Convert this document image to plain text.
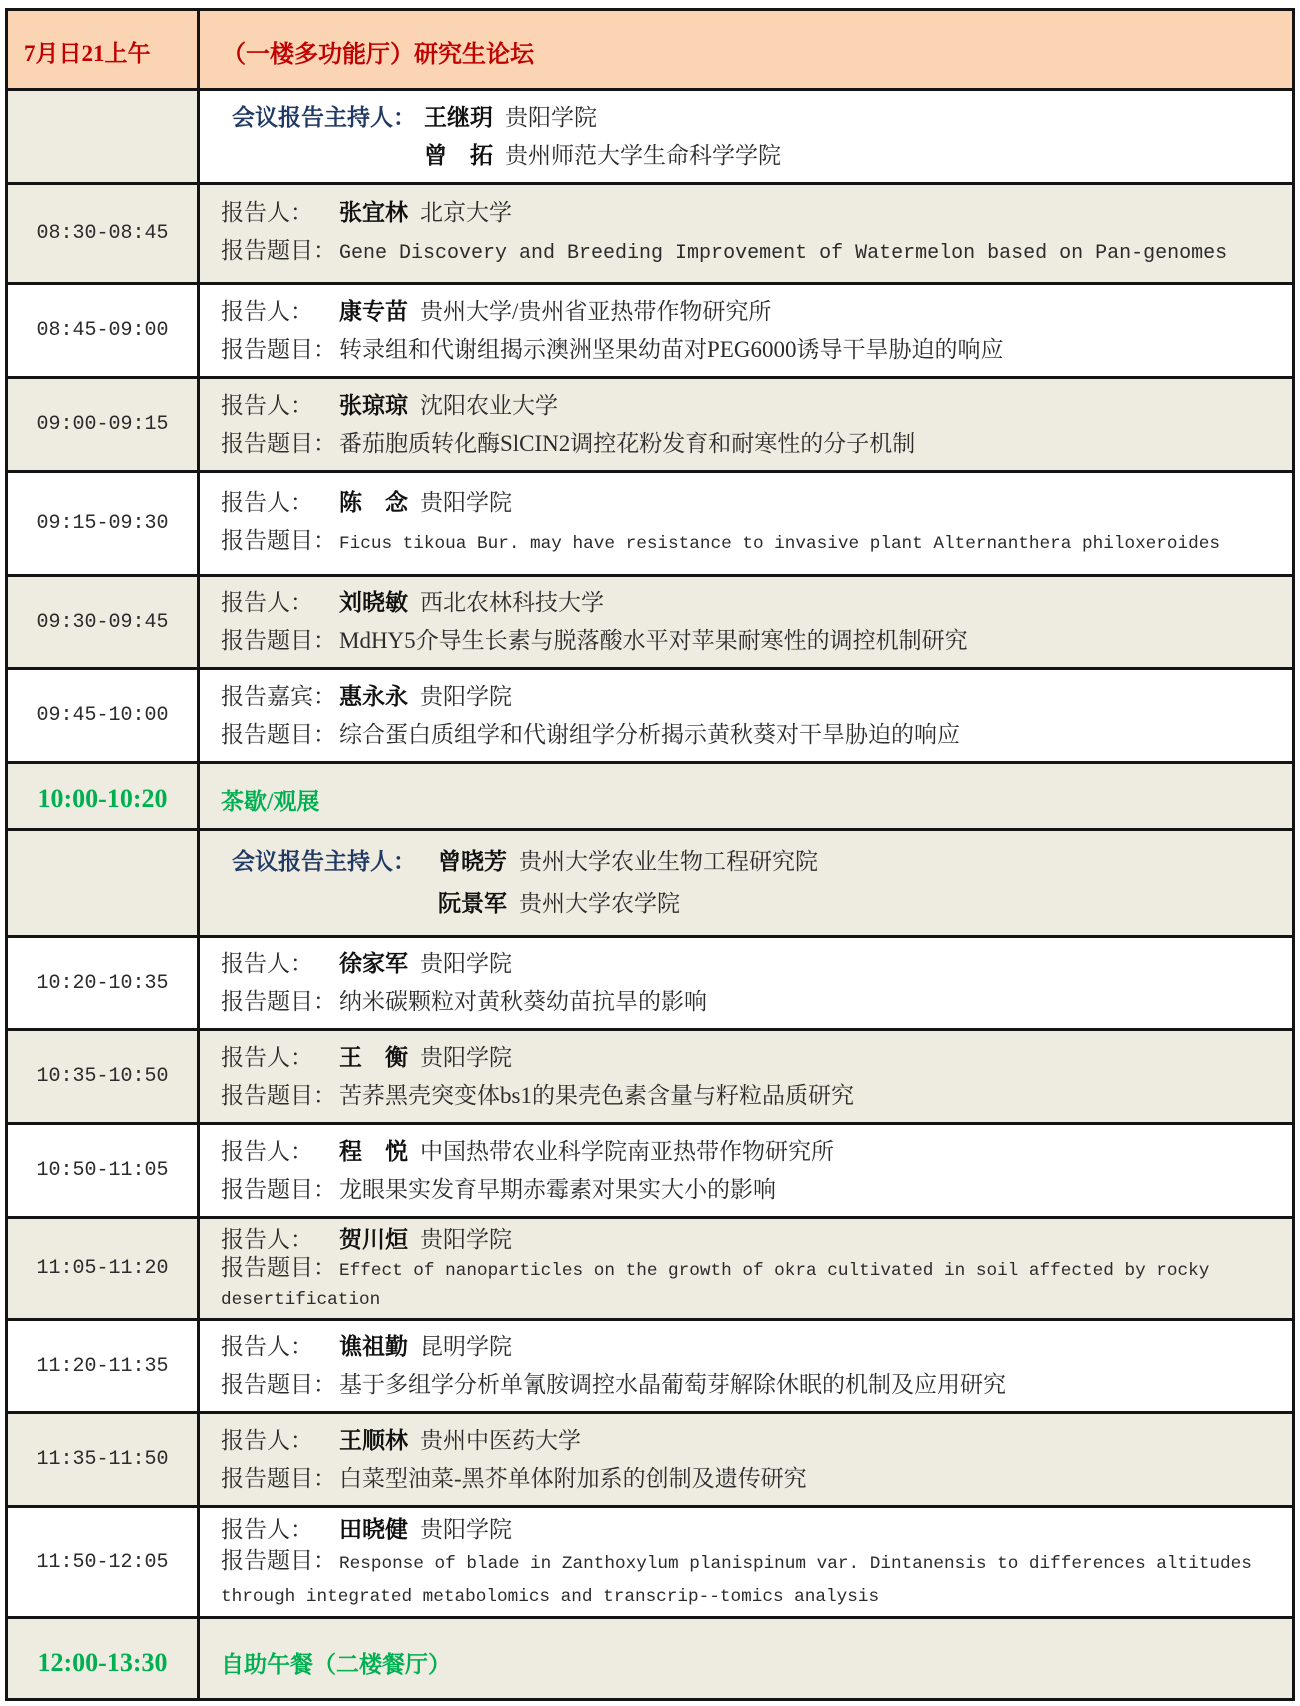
7月日21上午	（一楼多功能厅）研究生论坛
会议报告主持人： 王继玥 贵阳学院
曾　拓 贵州师范大学生命科学学院
08:30-08:45
报告人： 张宜林 北京大学
报告题目： Gene Discovery and Breeding Improvement of Watermelon based on Pan-genomes
08:45-09:00
报告人： 康专苗 贵州大学/贵州省亚热带作物研究所
报告题目： 转录组和代谢组揭示澳洲坚果幼苗对PEG6000诱导干旱胁迫的响应
09:00-09:15
报告人： 张琼琼 沈阳农业大学
报告题目： 番茄胞质转化酶SlCIN2调控花粉发育和耐寒性的分子机制
09:15-09:30
报告人： 陈　念 贵阳学院
报告题目： Ficus tikoua Bur. may have resistance to invasive plant Alternanthera philoxeroides
09:30-09:45
报告人： 刘晓敏 西北农林科技大学
报告题目： MdHY5介导生长素与脱落酸水平对苹果耐寒性的调控机制研究
09:45-10:00
报告嘉宾： 惠永永 贵阳学院
报告题目： 综合蛋白质组学和代谢组学分析揭示黄秋葵对干旱胁迫的响应
10:00-10:20 茶歇/观展
会议报告主持人： 曾晓芳 贵州大学农业生物工程研究院
阮景军 贵州大学农学院
10:20-10:35
报告人： 徐家军 贵阳学院
报告题目： 纳米碳颗粒对黄秋葵幼苗抗旱的影响
10:35-10:50
报告人： 王　衡 贵阳学院
报告题目： 苦荞黑壳突变体bs1的果壳色素含量与籽粒品质研究
10:50-11:05
报告人： 程　悦 中国热带农业科学院南亚热带作物研究所
报告题目： 龙眼果实发育早期赤霉素对果实大小的影响
11:05-11:20
报告人： 贺川烜 贵阳学院
报告题目： Effect of nanoparticles on the growth of okra cultivated in soil affected by rocky desertification
11:20-11:35
报告人： 谯祖勤 昆明学院
报告题目： 基于多组学分析单氰胺调控水晶葡萄芽解除休眠的机制及应用研究
11:35-11:50
报告人： 王顺林 贵州中医药大学
报告题目： 白菜型油菜-黑芥单体附加系的创制及遗传研究
11:50-12:05
报告人： 田晓健 贵阳学院
报告题目： Response of blade in Zanthoxylum planispinum var. Dintanensis to differences altitudes through integrated metabolomics and transcrip--tomics analysis
12:00-13:30 自助午餐（二楼餐厅）
